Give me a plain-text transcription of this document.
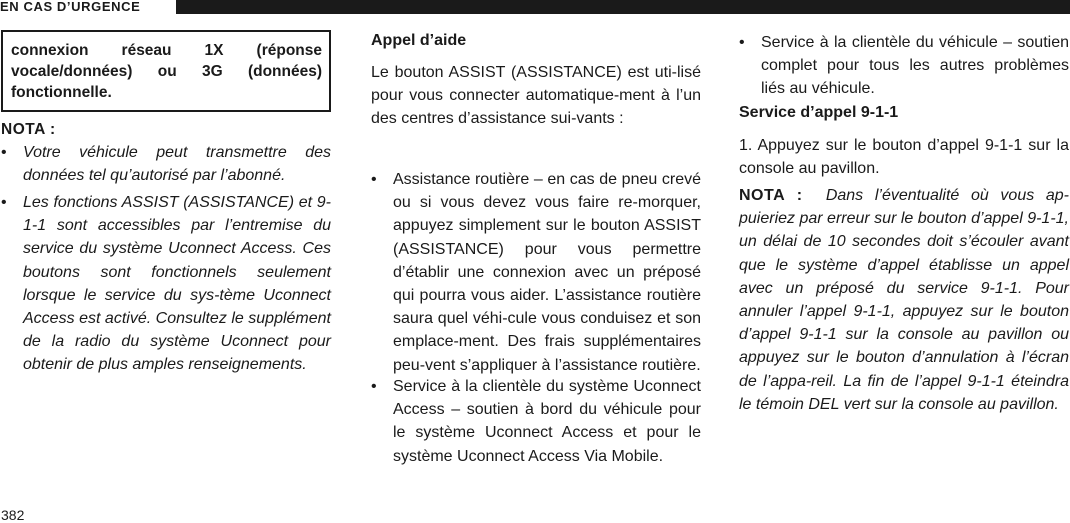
EN CAS D’URGENCE
connexion réseau 1X (réponse vocale/données) ou 3G (données) fonctionnelle.
NOTA :
• Votre véhicule peut transmettre des données tel qu’autorisé par l’abonné.
• Les fonctions ASSIST (ASSISTANCE) et 9-1-1 sont accessibles par l’entremise du service du système Uconnect Access. Ces boutons sont fonctionnels seulement lorsque le service du sys-tème Uconnect Access est activé. Consultez le supplément de la radio du système Uconnect pour obtenir de plus amples renseignements.
Appel d’aide
Le bouton ASSIST (ASSISTANCE) est uti-lisé pour vous connecter automatique-ment à l’un des centres d’assistance sui-vants :
• Assistance routière – en cas de pneu crevé ou si vous devez vous faire re-morquer, appuyez simplement sur le bouton ASSIST (ASSISTANCE) pour vous permettre d’établir une connexion avec un préposé qui pourra vous aider. L’assistance routière saura quel véhi-cule vous conduisez et son emplace-ment. Des frais supplémentaires peu-vent s’appliquer à l’assistance routière.
• Service à la clientèle du système Uconnect Access – soutien à bord du véhicule pour le système Uconnect Access et pour le système Uconnect Access Via Mobile.
• Service à la clientèle du véhicule – soutien complet pour tous les autres problèmes liés au véhicule.
Service d’appel 9-1-1
1. Appuyez sur le bouton d’appel 9-1-1 sur la console au pavillon.
NOTA : Dans l’éventualité où vous ap-puieriez par erreur sur le bouton d’appel 9-1-1, un délai de 10 secondes doit s’écouler avant que le système d’appel établisse un appel avec un préposé du service 9-1-1. Pour annuler l’appel 9-1-1, appuyez sur le bouton d’appel 9-1-1 sur la console au pavillon ou appuyez sur le bouton d’annulation à l’écran de l’appa-reil. La fin de l’appel 9-1-1 éteindra le témoin DEL vert sur la console au pavillon.
382
